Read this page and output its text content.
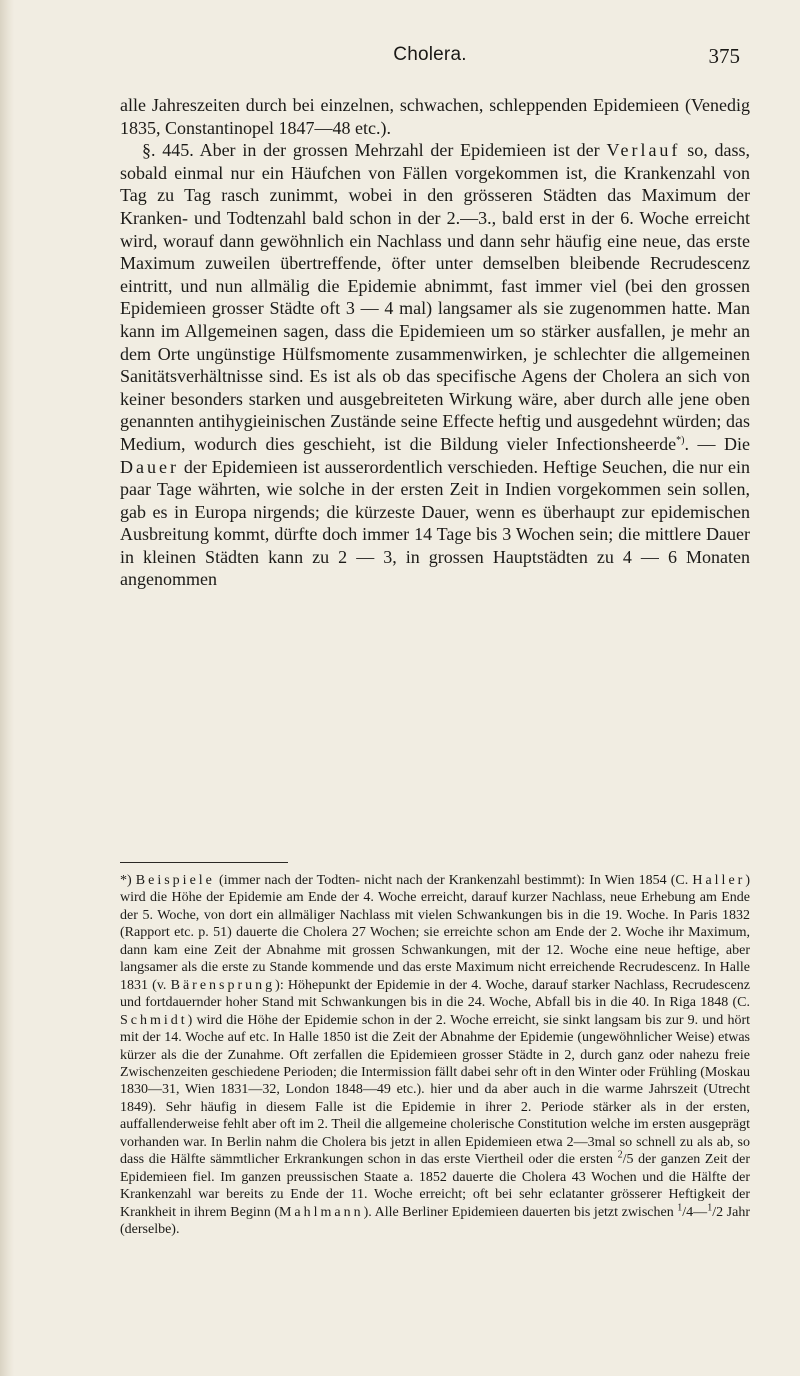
Cholera.	375

alle Jahreszeiten durch bei einzelnen, schwachen, schleppenden Epidemieen (Venedig 1835, Constantinopel 1847—48 etc.).

§. 445. Aber in der grossen Mehrzahl der Epidemieen ist der Verlauf so, dass, sobald einmal nur ein Häufchen von Fällen vorgekommen ist, die Krankenzahl von Tag zu Tag rasch zunimmt, wobei in den grösseren Städten das Maximum der Kranken- und Todtenzahl bald schon in der 2.—3., bald erst in der 6. Woche erreicht wird, worauf dann gewöhnlich ein Nachlass und dann sehr häufig eine neue, das erste Maximum zuweilen übertreffende, öfter unter demselben bleibende Recrudescenz eintritt, und nun allmälig die Epidemie abnimmt, fast immer viel (bei den grossen Epidemieen grosser Städte oft 3 — 4 mal) langsamer als sie zugenommen hatte. Man kann im Allgemeinen sagen, dass die Epidemieen um so stärker ausfallen, je mehr an dem Orte ungünstige Hülfsmomente zusammenwirken, je schlechter die allgemeinen Sanitätsverhältnisse sind. Es ist als ob das specifische Agens der Cholera an sich von keiner besonders starken und ausgebreiteten Wirkung wäre, aber durch alle jene oben genannten antihygieinischen Zustände seine Effecte heftig und ausgedehnt würden; das Medium, wodurch dies geschieht, ist die Bildung vieler Infectionsheerde*). — Die Dauer der Epidemieen ist ausserordentlich verschieden. Heftige Seuchen, die nur ein paar Tage währten, wie solche in der ersten Zeit in Indien vorgekommen sein sollen, gab es in Europa nirgends; die kürzeste Dauer, wenn es überhaupt zur epidemischen Ausbreitung kommt, dürfte doch immer 14 Tage bis 3 Wochen sein; die mittlere Dauer in kleinen Städten kann zu 2 — 3, in grossen Hauptstädten zu 4 — 6 Monaten angenommen

*) Beispiele (immer nach der Todten- nicht nach der Krankenzahl bestimmt): In Wien 1854 (C. Haller) wird die Höhe der Epidemie am Ende der 4. Woche erreicht, darauf kurzer Nachlass, neue Erhebung am Ende der 5. Woche, von dort ein allmäliger Nachlass mit vielen Schwankungen bis in die 19. Woche. In Paris 1832 (Rapport etc. p. 51) dauerte die Cholera 27 Wochen; sie erreichte schon am Ende der 2. Woche ihr Maximum, dann kam eine Zeit der Abnahme mit grossen Schwankungen, mit der 12. Woche eine neue heftige, aber langsamer als die erste zu Stande kommende und das erste Maximum nicht erreichende Recrudescenz. In Halle 1831 (v. Bärensprung): Höhepunkt der Epidemie in der 4. Woche, darauf starker Nachlass, Recrudescenz und fortdauernder hoher Stand mit Schwankungen bis in die 24. Woche, Abfall bis in die 40. In Riga 1848 (C. Schmidt) wird die Höhe der Epidemie schon in der 2. Woche erreicht, sie sinkt langsam bis zur 9. und hört mit der 14. Woche auf etc. In Halle 1850 ist die Zeit der Abnahme der Epidemie (ungewöhnlicher Weise) etwas kürzer als die der Zunahme. Oft zerfallen die Epidemieen grosser Städte in 2, durch ganz oder nahezu freie Zwischenzeiten geschiedene Perioden; die Intermission fällt dabei sehr oft in den Winter oder Frühling (Moskau 1830—31, Wien 1831—32, London 1848—49 etc.). hier und da aber auch in die warme Jahrszeit (Utrecht 1849). Sehr häufig in diesem Falle ist die Epidemie in ihrer 2. Periode stärker als in der ersten, auffallenderweise fehlt aber oft im 2. Theil die allgemeine cholerische Constitution welche im ersten ausgeprägt vorhanden war. In Berlin nahm die Cholera bis jetzt in allen Epidemieen etwa 2—3mal so schnell zu als ab, so dass die Hälfte sämmtlicher Erkrankungen schon in das erste Viertheil oder die ersten $^2$/5 der ganzen Zeit der Epidemieen fiel. Im ganzen preussischen Staate a. 1852 dauerte die Cholera 43 Wochen und die Hälfte der Krankenzahl war bereits zu Ende der 11. Woche erreicht; oft bei sehr eclatanter grösserer Heftigkeit der Krankheit in ihrem Beginn (Mahlmann). Alle Berliner Epidemieen dauerten bis jetzt zwischen $^1$/4—$^1$/2 Jahr (derselbe).
